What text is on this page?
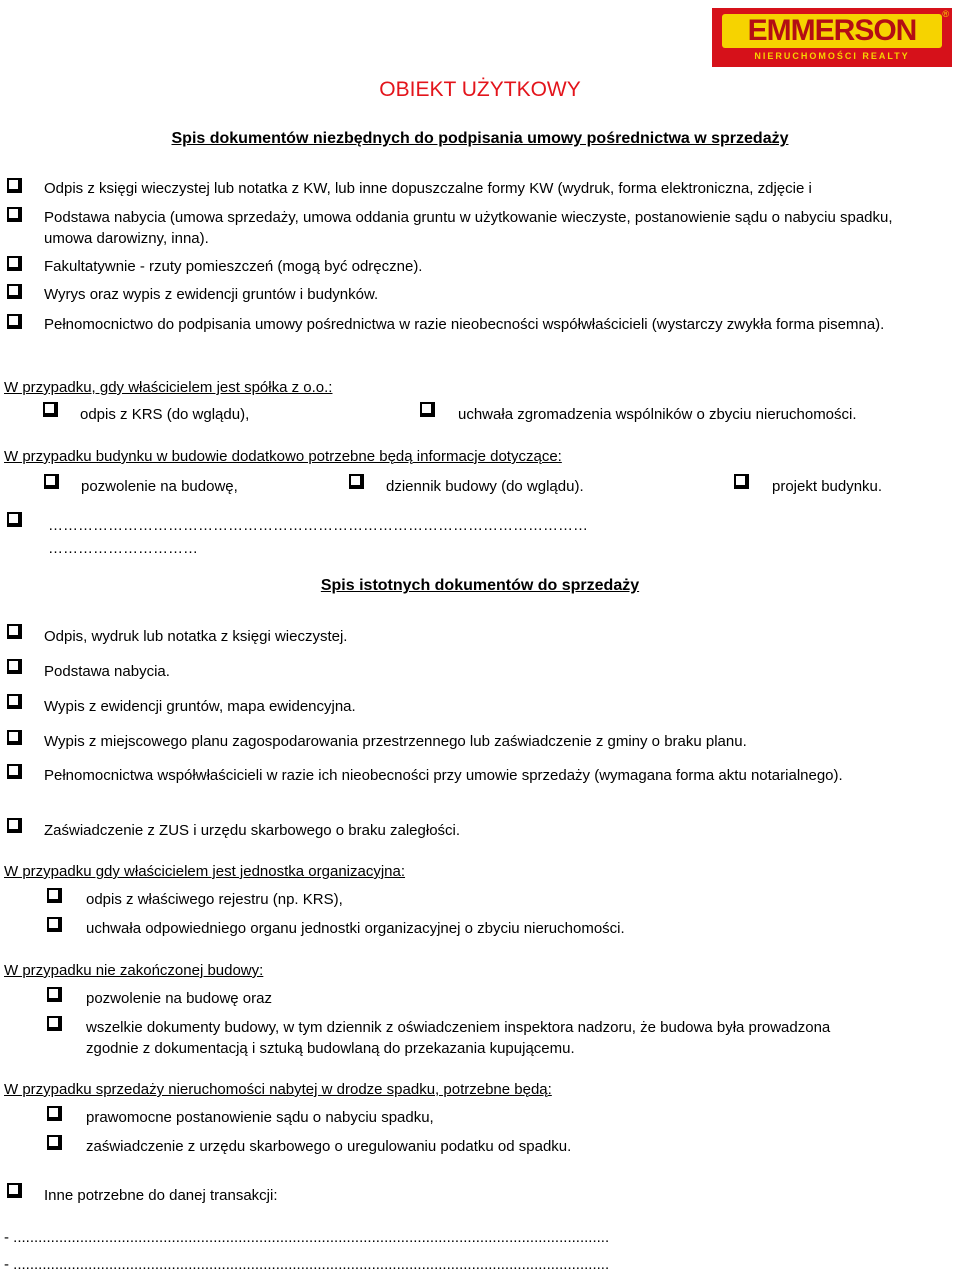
EMMERSON	®
NIERUCHOMOŚCI REALTY
OBIEKT UŻYTKOWY
Spis dokumentów niezbędnych do podpisania umowy pośrednictwa w sprzedaży
Odpis z księgi wieczystej lub notatka z KW, lub inne dopuszczalne formy KW (wydruk, forma elektroniczna, zdjęcie i
Podstawa nabycia (umowa sprzedaży, umowa oddania gruntu w użytkowanie wieczyste, postanowienie sądu o nabyciu spadku, umowa darowizny, inna).
Fakultatywnie - rzuty pomieszczeń (mogą być odręczne).
Wyrys oraz wypis z ewidencji gruntów i budynków.
Pełnomocnictwo do podpisania umowy pośrednictwa w razie nieobecności współwłaścicieli (wystarczy zwykła forma pisemna).
W przypadku, gdy właścicielem jest spółka z o.o.:
odpis z KRS (do wglądu),	uchwała zgromadzenia wspólników o zbyciu nieruchomości.
W przypadku budynku w budowie dodatkowo potrzebne będą informacje dotyczące:
pozwolenie na budowę,	dziennik budowy (do wglądu).	projekt budynku.
………………………………………………………………………………………………
…………………………
Spis istotnych dokumentów do sprzedaży
Odpis, wydruk lub notatka z księgi wieczystej.
Podstawa nabycia.
Wypis z ewidencji gruntów, mapa ewidencyjna.
Wypis z miejscowego planu zagospodarowania przestrzennego lub zaświadczenie z gminy o braku planu.
Pełnomocnictwa współwłaścicieli w razie ich nieobecności przy umowie sprzedaży (wymagana forma aktu notarialnego).
Zaświadczenie z ZUS i urzędu skarbowego o braku zaległości.
W przypadku gdy właścicielem jest jednostka organizacyjna:
odpis z właściwego rejestru (np. KRS),
uchwała odpowiedniego organu jednostki organizacyjnej o zbyciu nieruchomości.
W przypadku nie zakończonej budowy:
pozwolenie na budowę oraz
wszelkie dokumenty budowy, w tym dziennik z oświadczeniem inspektora nadzoru, że budowa była prowadzona zgodnie z dokumentacją i sztuką budowlaną do przekazania kupującemu.
W przypadku sprzedaży nieruchomości nabytej w drodze spadku, potrzebne będą:
prawomocne postanowienie sądu o nabyciu spadku,
zaświadczenie z urzędu skarbowego o uregulowaniu podatku od spadku.
Inne potrzebne do danej transakcji:
- ...............................................................................................................................................
- ...............................................................................................................................................
